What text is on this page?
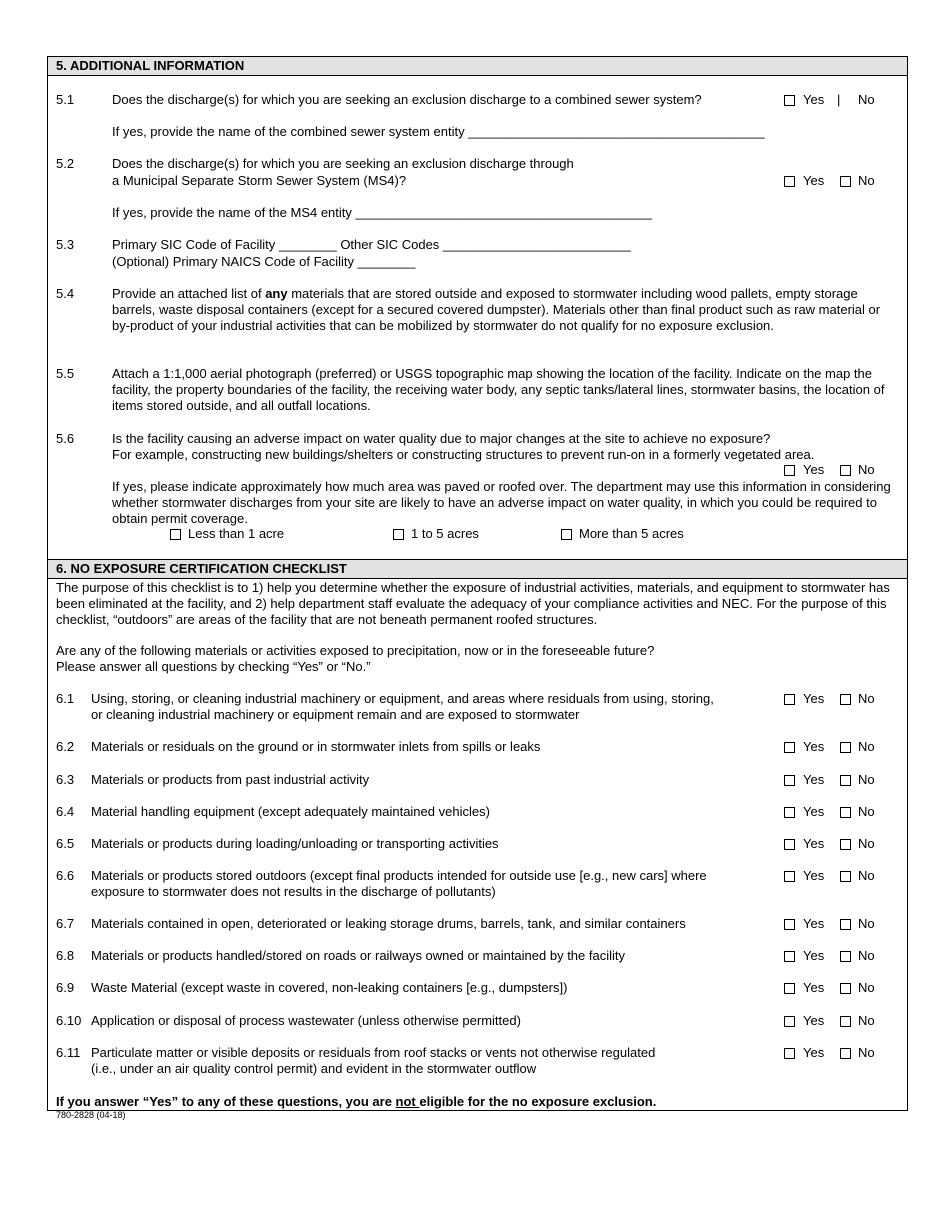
5. ADDITIONAL INFORMATION
5.1	Does the discharge(s) for which you are seeking an exclusion discharge to a combined sewer system?	Yes | No
If yes, provide the name of the combined sewer system entity _________________________________________
5.2	Does the discharge(s) for which you are seeking an exclusion discharge through
a Municipal Separate Storm Sewer System (MS4)?	Yes	No
If yes, provide the name of the MS4 entity _________________________________________
5.3	Primary SIC Code of Facility ________ Other SIC Codes __________________________
(Optional) Primary NAICS Code of Facility ________
5.4	Provide an attached list of any materials that are stored outside and exposed to stormwater including wood pallets, empty storage barrels, waste disposal containers (except for a secured covered dumpster). Materials other than final product such as raw material or by-product of your industrial activities that can be mobilized by stormwater do not qualify for no exposure exclusion.
5.5	Attach a 1:1,000 aerial photograph (preferred) or USGS topographic map showing the location of the facility. Indicate on the map the facility, the property boundaries of the facility, the receiving water body, any septic tanks/lateral lines, stormwater basins, the location of items stored outside, and all outfall locations.
5.6	Is the facility causing an adverse impact on water quality due to major changes at the site to achieve no exposure?
For example, constructing new buildings/shelters or constructing structures to prevent run-on in a formerly vegetated area.
Yes	No
If yes, please indicate approximately how much area was paved or roofed over. The department may use this information in considering whether stormwater discharges from your site are likely to have an adverse impact on water quality, in which you could be required to obtain permit coverage.
Less than 1 acre	1 to 5 acres	More than 5 acres
6. NO EXPOSURE CERTIFICATION CHECKLIST
The purpose of this checklist is to 1) help you determine whether the exposure of industrial activities, materials, and equipment to stormwater has been eliminated at the facility, and 2) help department staff evaluate the adequacy of your compliance activities and NEC. For the purpose of this checklist, “outdoors” are areas of the facility that are not beneath permanent roofed structures.
Are any of the following materials or activities exposed to precipitation, now or in the foreseeable future?
Please answer all questions by checking “Yes” or “No.”
6.1 Using, storing, or cleaning industrial machinery or equipment, and areas where residuals from using, storing,
or cleaning industrial machinery or equipment remain and are exposed to stormwater
Yes	No
6.2 Materials or residuals on the ground or in stormwater inlets from spills or leaks	Yes	No
6.3 Materials or products from past industrial activity	Yes	No
6.4 Material handling equipment (except adequately maintained vehicles)	Yes	No
6.5 Materials or products during loading/unloading or transporting activities	Yes	No
6.6 Materials or products stored outdoors (except final products intended for outside use [e.g., new cars] where
exposure to stormwater does not results in the discharge of pollutants)
Yes	No
6.7 Materials contained in open, deteriorated or leaking storage drums, barrels, tank, and similar containers	Yes	No
6.8 Materials or products handled/stored on roads or railways owned or maintained by the facility	Yes	No
6.9 Waste Material (except waste in covered, non-leaking containers [e.g., dumpsters])	Yes	No
6.10 Application or disposal of process wastewater (unless otherwise permitted)	Yes	No
6.11 Particulate matter or visible deposits or residuals from roof stacks or vents not otherwise regulated
(i.e., under an air quality control permit) and evident in the stormwater outflow
Yes	No
If you answer “Yes” to any of these questions, you are not eligible for the no exposure exclusion.
780-2828 (04-18)
